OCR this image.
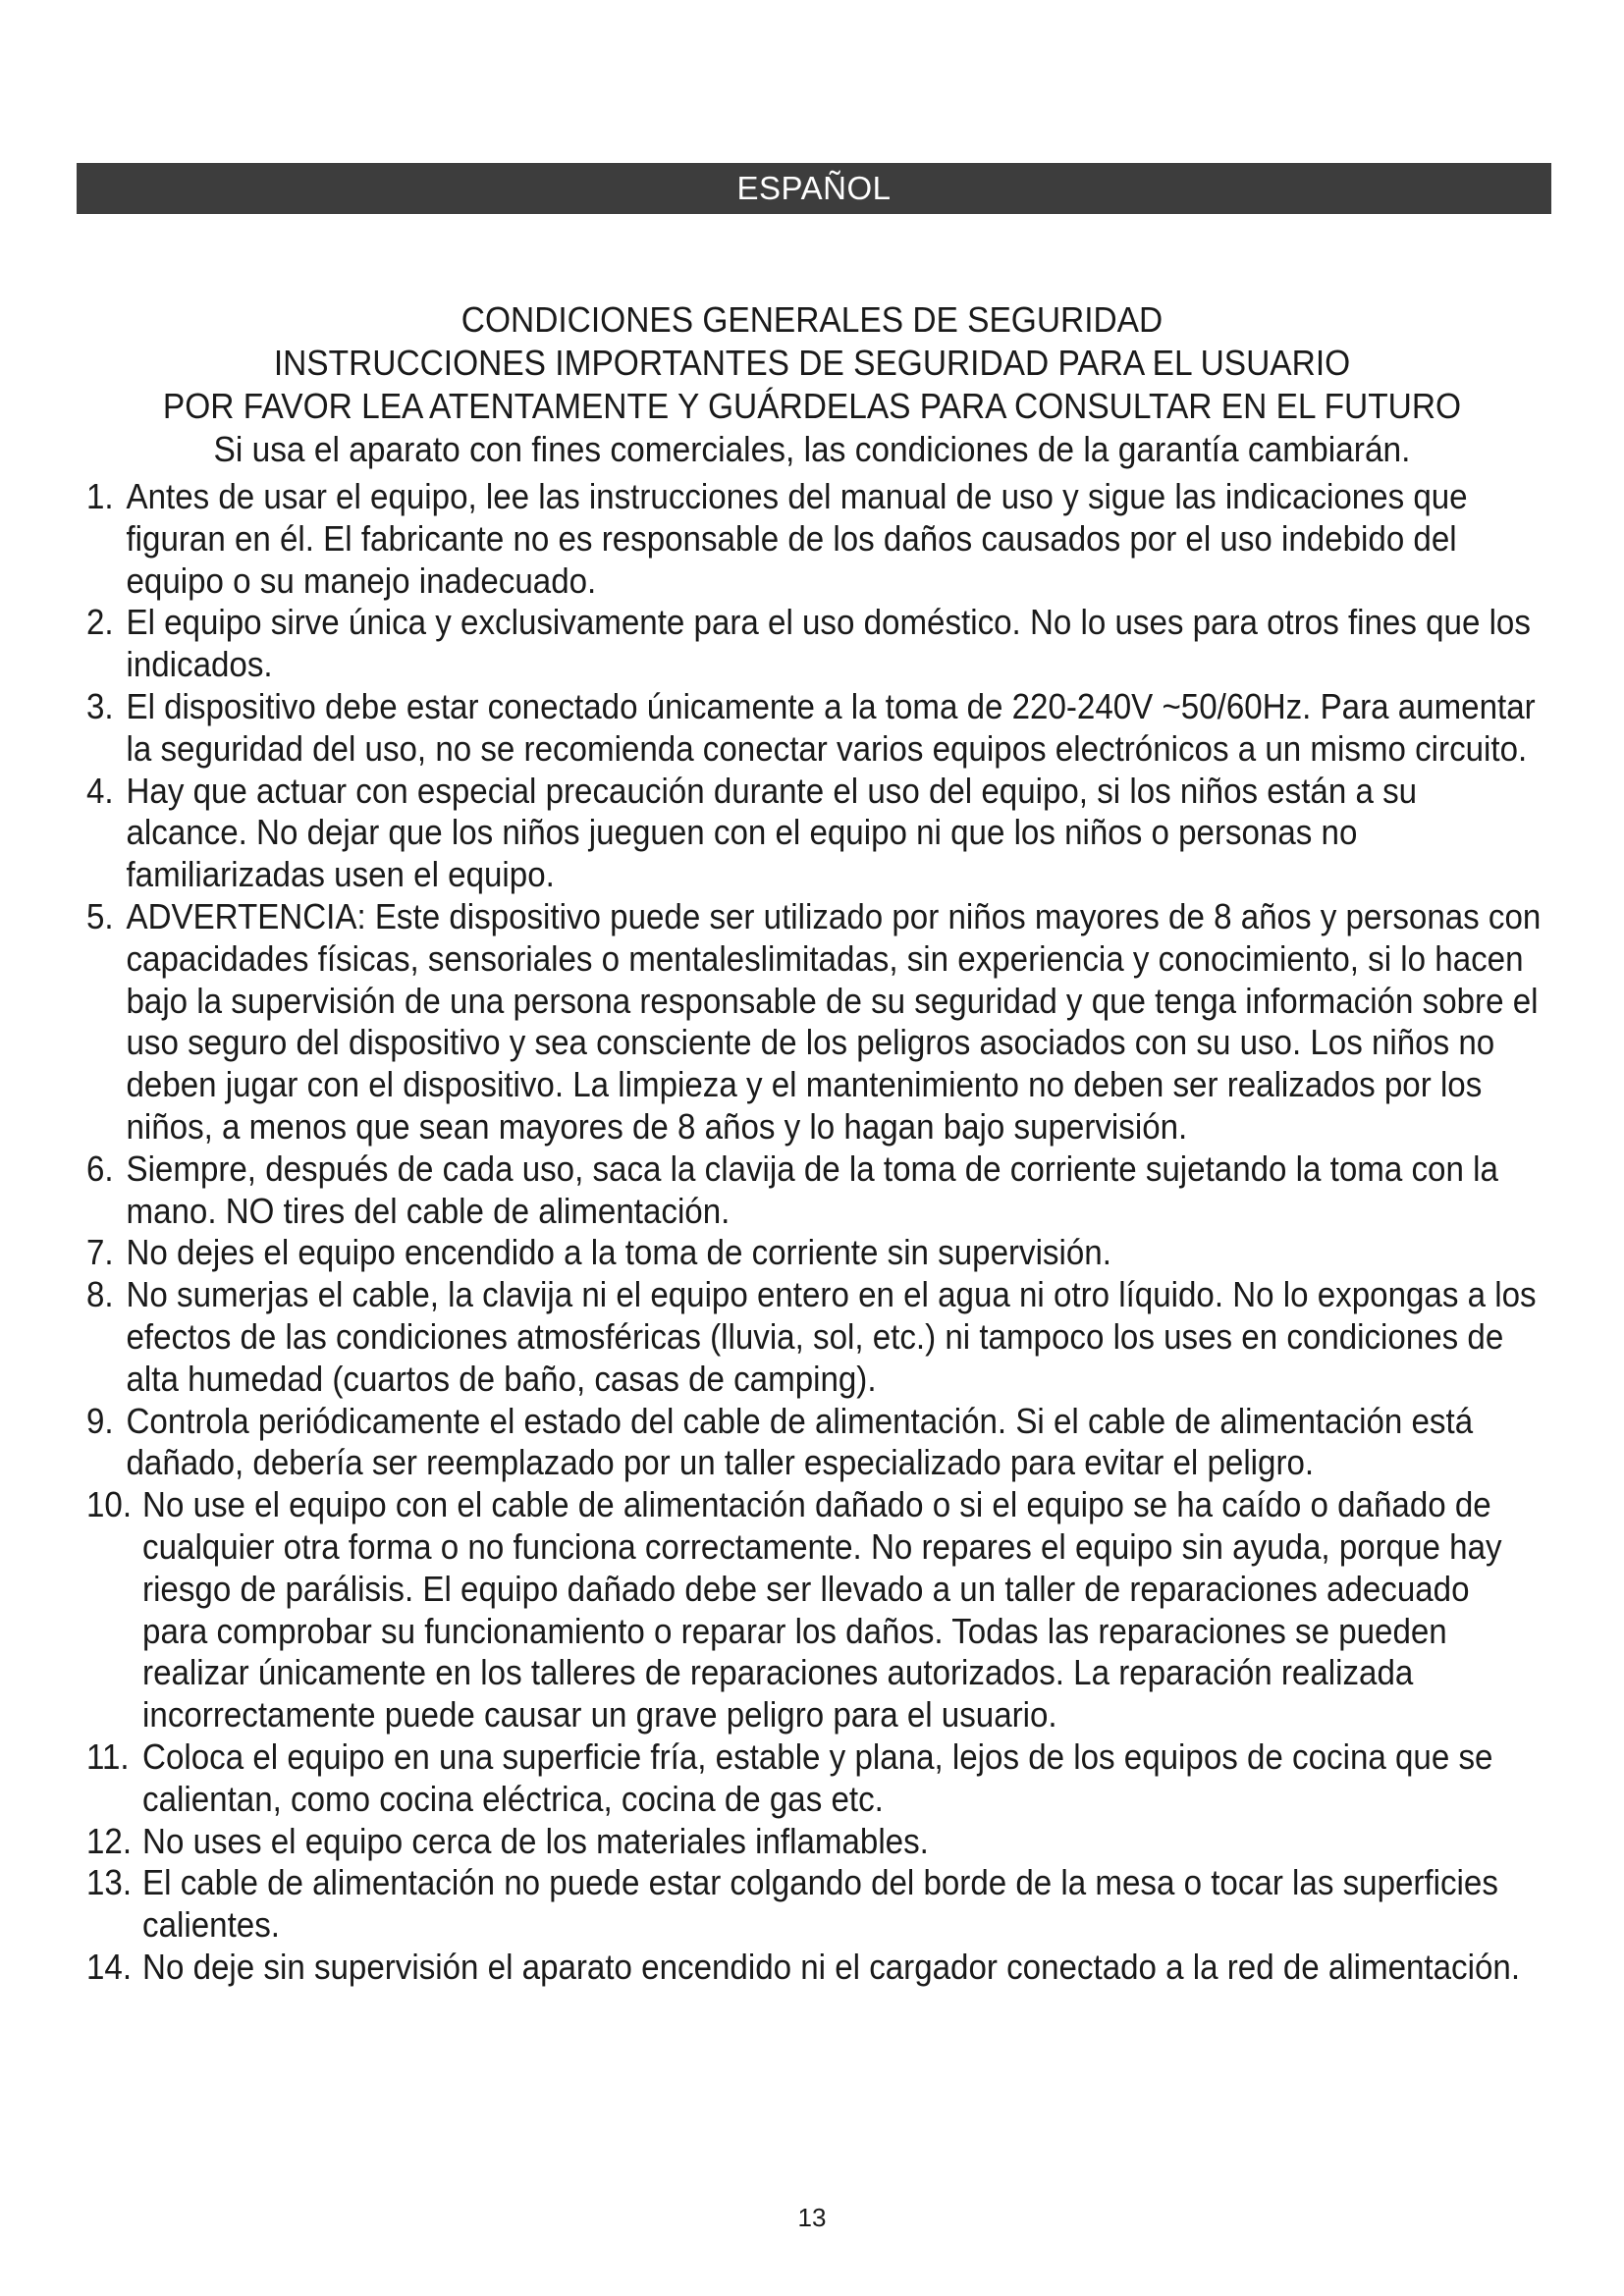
ESPAÑOL
CONDICIONES GENERALES DE SEGURIDAD
INSTRUCCIONES IMPORTANTES DE SEGURIDAD PARA EL USUARIO
POR FAVOR LEA ATENTAMENTE Y GUÁRDELAS PARA CONSULTAR EN EL FUTURO
Si usa el aparato con fines comerciales, las condiciones de la garantía cambiarán.
1. Antes de usar el equipo, lee las instrucciones del manual de uso y sigue las indicaciones que figuran en él. El fabricante no es responsable de los daños causados por el uso indebido del equipo o su manejo inadecuado.
2. El equipo sirve única y exclusivamente para el uso doméstico. No lo uses para otros fines que los indicados.
3. El dispositivo debe estar conectado únicamente a la toma de 220-240V ~50/60Hz. Para aumentar la seguridad del uso, no se recomienda conectar varios equipos electrónicos a un mismo circuito.
4. Hay que actuar con especial precaución durante el uso del equipo, si los niños están a su alcance. No dejar que los niños jueguen con el equipo ni que los niños o personas no familiarizadas usen el equipo.
5. ADVERTENCIA: Este dispositivo puede ser utilizado por niños mayores de 8 años y personas con capacidades físicas, sensoriales o mentaleslimitadas, sin experiencia y conocimiento, si lo hacen bajo la supervisión de una persona responsable de su seguridad y que tenga información sobre el uso seguro del dispositivo y sea consciente de los peligros asociados con su uso. Los niños no deben jugar con el dispositivo. La limpieza y el mantenimiento no deben ser realizados por los niños, a menos que sean mayores de 8 años y lo hagan bajo supervisión.
6. Siempre, después de cada uso, saca la clavija de la toma de corriente sujetando la toma con la mano. NO tires del cable de alimentación.
7. No dejes el equipo encendido a la toma de corriente sin supervisión.
8. No sumerjas el cable, la clavija ni el equipo entero en el agua ni otro líquido. No lo expongas a los efectos de las condiciones atmosféricas (lluvia, sol, etc.) ni tampoco los uses en condiciones de alta humedad (cuartos de baño, casas de camping).
9. Controla periódicamente el estado del cable de alimentación. Si el cable de alimentación está dañado, debería ser reemplazado por un taller especializado para evitar el peligro.
10. No use el equipo con el cable de alimentación dañado o si el equipo se ha caído o dañado de cualquier otra forma o no funciona correctamente. No repares el equipo sin ayuda, porque hay riesgo de parálisis. El equipo dañado debe ser llevado a un taller de reparaciones adecuado para comprobar su funcionamiento o reparar los daños. Todas las reparaciones se pueden realizar únicamente en los talleres de reparaciones autorizados. La reparación realizada incorrectamente puede causar un grave peligro para el usuario.
11. Coloca el equipo en una superficie fría, estable y plana, lejos de los equipos de cocina que se calientan, como cocina eléctrica, cocina de gas etc.
12. No uses el equipo cerca de los materiales inflamables.
13. El cable de alimentación no puede estar colgando del borde de la mesa o tocar las superficies calientes.
14. No deje sin supervisión el aparato encendido ni el cargador conectado a la red de alimentación.
13
